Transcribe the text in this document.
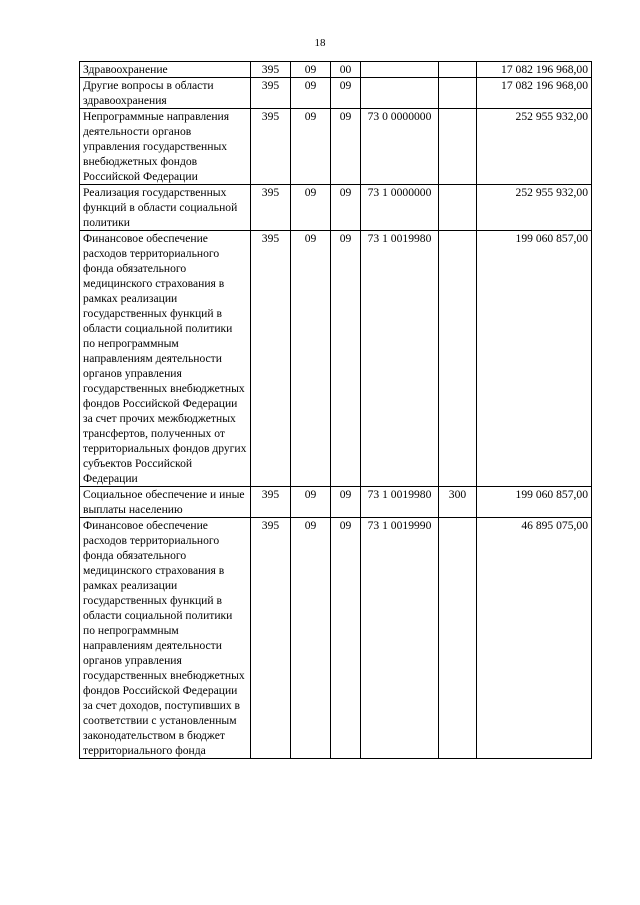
18
Здравоохранение	395	09	00			17 082 196 968,00
Другие вопросы в области здравоохранения	395	09	09			17 082 196 968,00
Непрограммные направления деятельности органов управления государственных внебюджетных фондов Российской Федерации	395	09	09	73 0 0000000		252 955 932,00
Реализация государственных функций в области социальной политики	395	09	09	73 1 0000000		252 955 932,00
Финансовое обеспечение расходов территориального фонда обязательного медицинского страхования в рамках реализации государственных функций в области социальной политики по непрограммным направлениям деятельности органов управления государственных внебюджетных фондов Российской Федерации за счет прочих межбюджетных трансфертов, полученных от территориальных фондов других субъектов Российской Федерации	395	09	09	73 1 0019980		199 060 857,00
Социальное обеспечение и иные выплаты населению	395	09	09	73 1 0019980	300	199 060 857,00
Финансовое обеспечение расходов территориального фонда обязательного медицинского страхования в рамках реализации государственных функций в области социальной политики по непрограммным направлениям деятельности органов управления государственных внебюджетных фондов Российской Федерации за счет доходов, поступивших в соответствии с установленным законодательством в бюджет территориального фонда	395	09	09	73 1 0019990		46 895 075,00
